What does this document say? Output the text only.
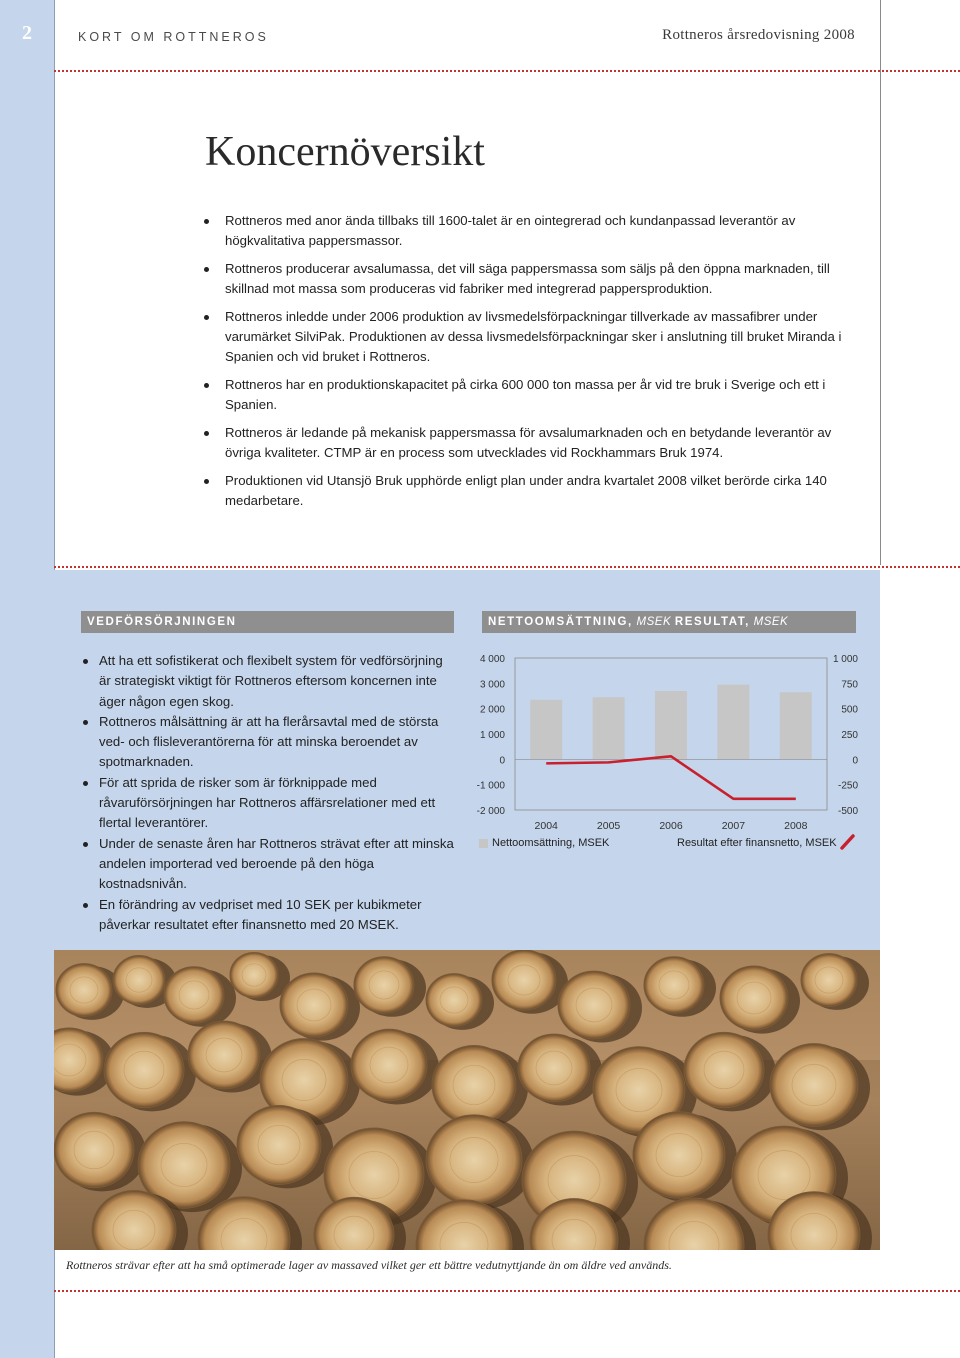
2	KORT OM ROTTNEROS	Rottneros årsredovisning 2008
Koncernöversikt
Rottneros med anor ända tillbaks till 1600-talet är en ointegrerad och kundanpassad leverantör av högkvalitativa pappersmassor.
Rottneros producerar avsalumassa, det vill säga pappersmassa som säljs på den öppna marknaden, till skillnad mot massa som produceras vid fabriker med integrerad pappersproduktion.
Rottneros inledde under 2006 produktion av livsmedelsförpackningar tillverkade av massafibrer under varumärket SilviPak. Produktionen av dessa livsmedelsförpackningar sker i anslutning till bruket Miranda i Spanien och vid bruket i Rottneros.
Rottneros har en produktionskapacitet på cirka 600 000 ton massa per år vid tre bruk i Sverige och ett i Spanien.
Rottneros är ledande på mekanisk pappersmassa för avsalumarknaden och en betydande leverantör av övriga kvaliteter. CTMP är en process som utvecklades vid Rockhammars Bruk 1974.
Produktionen vid Utansjö Bruk upphörde enligt plan under andra kvartalet 2008 vilket berörde cirka 140 medarbetare.
VEDFÖRSÖRJNINGEN	NETTOOMSÄTTNING, MSEK RESULTAT, MSEK
Att ha ett sofistikerat och flexibelt system för vedförsörjning är strategiskt viktigt för Rottneros eftersom koncernen inte äger någon egen skog.
Rottneros målsättning är att ha flerårsavtal med de största ved- och flisleverantörerna för att minska beroendet av spotmarknaden.
För att sprida de risker som är förknippade med råvaruförsörjningen har Rottneros affärsrelationer med ett flertal leverantörer.
Under de senaste åren har Rottneros strävat efter att minska andelen importerad ved beroende på den höga kostnadsnivån.
En förändring av vedpriset med 10 SEK per kubikmeter påverkar resultatet efter finansnetto med 20 MSEK.
4 000
3 000
2 000
1 000
0
-1 000
-2 000
1 000
750
500
250
0
-250
-500
2004	2005	2006	2007	2008
Nettoomsättning, MSEK	Resultat efter finansnetto, MSEK
Rottneros strävar efter att ha små optimerade lager av massaved vilket ger ett bättre vedutnyttjande än om äldre ved används.
